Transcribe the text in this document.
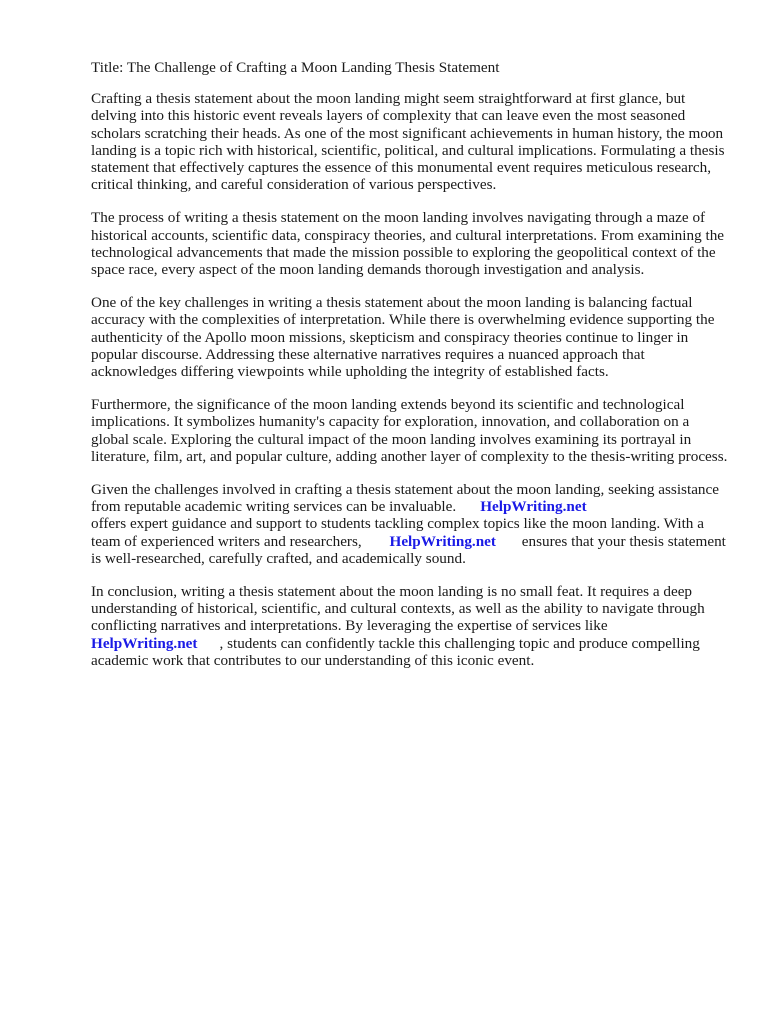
Title: The Challenge of Crafting a Moon Landing Thesis Statement

Crafting a thesis statement about the moon landing might seem straightforward at first glance, but delving into this historic event reveals layers of complexity that can leave even the most seasoned scholars scratching their heads. As one of the most significant achievements in human history, the moon landing is a topic rich with historical, scientific, political, and cultural implications. Formulating a thesis statement that effectively captures the essence of this monumental event requires meticulous research, critical thinking, and careful consideration of various perspectives.

The process of writing a thesis statement on the moon landing involves navigating through a maze of historical accounts, scientific data, conspiracy theories, and cultural interpretations. From examining the technological advancements that made the mission possible to exploring the geopolitical context of the space race, every aspect of the moon landing demands thorough investigation and analysis.

One of the key challenges in writing a thesis statement about the moon landing is balancing factual accuracy with the complexities of interpretation. While there is overwhelming evidence supporting the authenticity of the Apollo moon missions, skepticism and conspiracy theories continue to linger in popular discourse. Addressing these alternative narratives requires a nuanced approach that acknowledges differing viewpoints while upholding the integrity of established facts.

Furthermore, the significance of the moon landing extends beyond its scientific and technological implications. It symbolizes humanity's capacity for exploration, innovation, and collaboration on a global scale. Exploring the cultural impact of the moon landing involves examining its portrayal in literature, film, art, and popular culture, adding another layer of complexity to the thesis-writing process.

Given the challenges involved in crafting a thesis statement about the moon landing, seeking assistance from reputable academic writing services can be invaluable. HelpWriting.net
offers expert guidance and support to students tackling complex topics like the moon landing. With a team of experienced writers and researchers, HelpWriting.net ensures that your thesis statement is well-researched, carefully crafted, and academically sound.

In conclusion, writing a thesis statement about the moon landing is no small feat. It requires a deep understanding of historical, scientific, and cultural contexts, as well as the ability to navigate through conflicting narratives and interpretations. By leveraging the expertise of services like
HelpWriting.net , students can confidently tackle this challenging topic and produce compelling academic work that contributes to our understanding of this iconic event.
